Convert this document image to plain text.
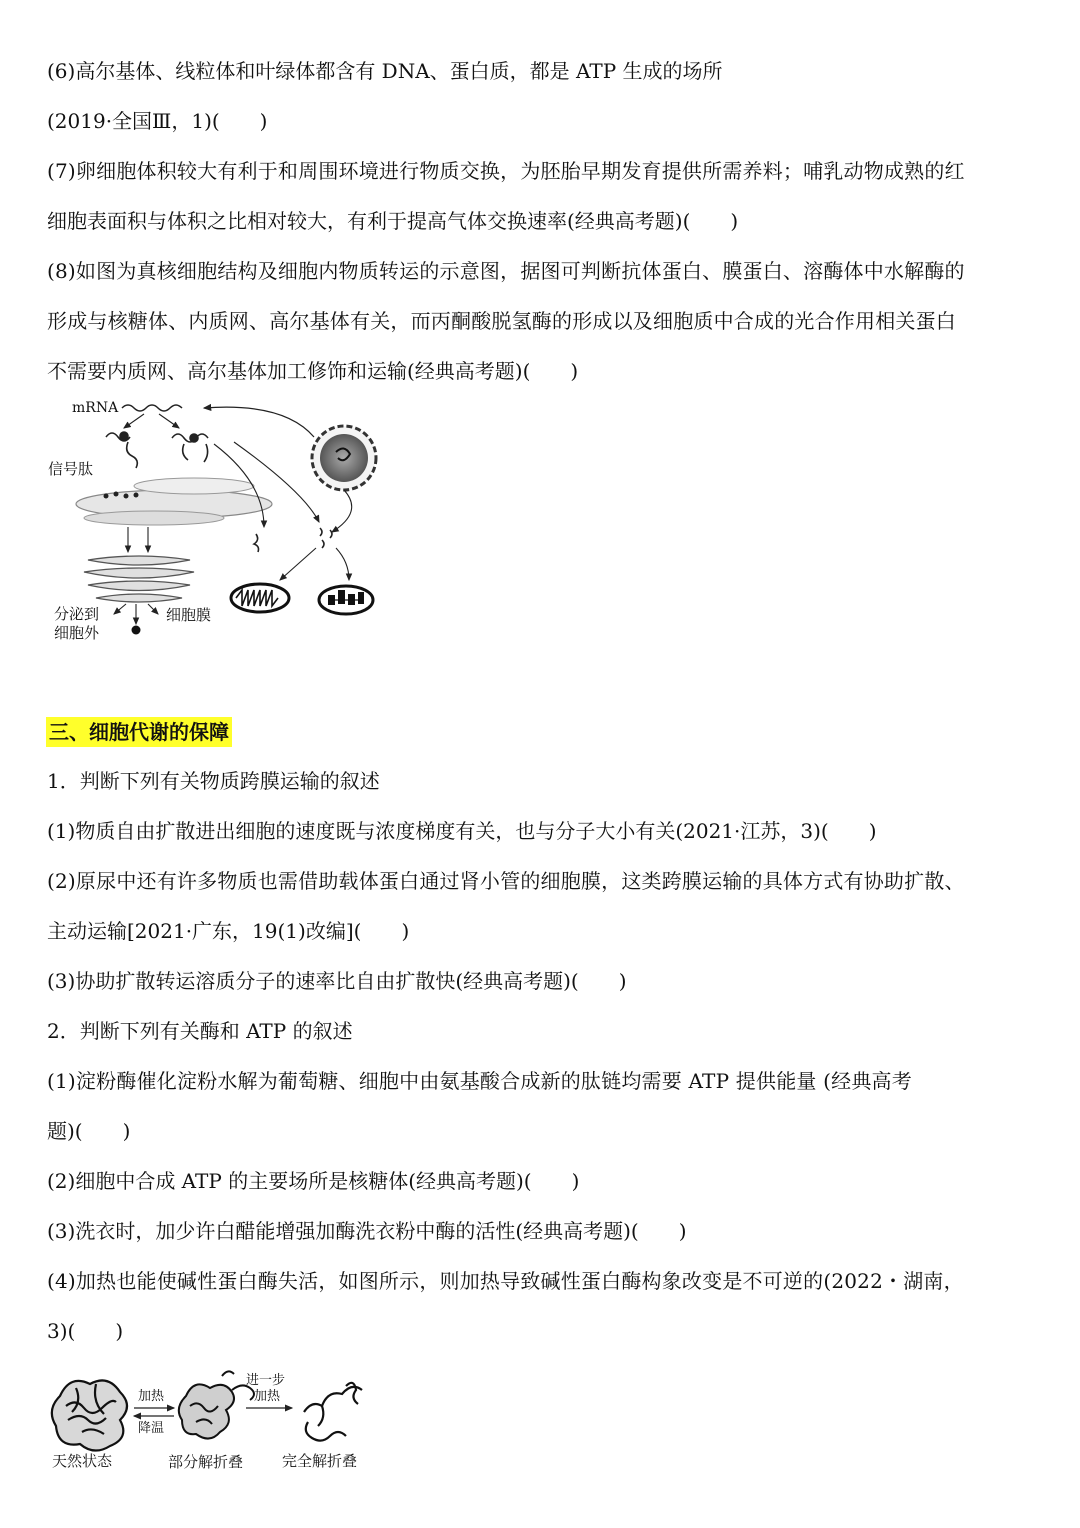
(6)高尔基体、线粒体和叶绿体都含有 DNA、蛋白质，都是 ATP 生成的场所
(2019·全国Ⅲ，1)(　　)
(7)卵细胞体积较大有利于和周围环境进行物质交换，为胚胎早期发育提供所需养料；哺乳动物成熟的红
细胞表面积与体积之比相对较大，有利于提高气体交换速率(经典高考题)(　　)
(8)如图为真核细胞结构及细胞内物质转运的示意图，据图可判断抗体蛋白、膜蛋白、溶酶体中水解酶的
形成与核糖体、内质网、高尔基体有关，而丙酮酸脱氢酶的形成以及细胞质中合成的光合作用相关蛋白
不需要内质网、高尔基体加工修饰和运输(经典高考题)(　　)
mRNA
信号肽
分泌到
细胞外
细胞膜
三、细胞代谢的保障
1．判断下列有关物质跨膜运输的叙述
(1)物质自由扩散进出细胞的速度既与浓度梯度有关，也与分子大小有关(2021·江苏，3)(　　)
(2)原尿中还有许多物质也需借助载体蛋白通过肾小管的细胞膜，这类跨膜运输的具体方式有协助扩散、
主动运输[2021·广东，19(1)改编](　　)
(3)协助扩散转运溶质分子的速率比自由扩散快(经典高考题)(　　)
2．判断下列有关酶和 ATP 的叙述
(1)淀粉酶催化淀粉水解为葡萄糖、细胞中由氨基酸合成新的肽链均需要 ATP 提供能量 (经典高考
题)(　　)
(2)细胞中合成 ATP 的主要场所是核糖体(经典高考题)(　　)
(3)洗衣时，加少许白醋能增强加酶洗衣粉中酶的活性(经典高考题)(　　)
(4)加热也能使碱性蛋白酶失活，如图所示，则加热导致碱性蛋白酶构象改变是不可逆的(2022・湖南，
3)(　　)
加热
降温
进一步
加热
天然状态	部分解折叠	完全解折叠
